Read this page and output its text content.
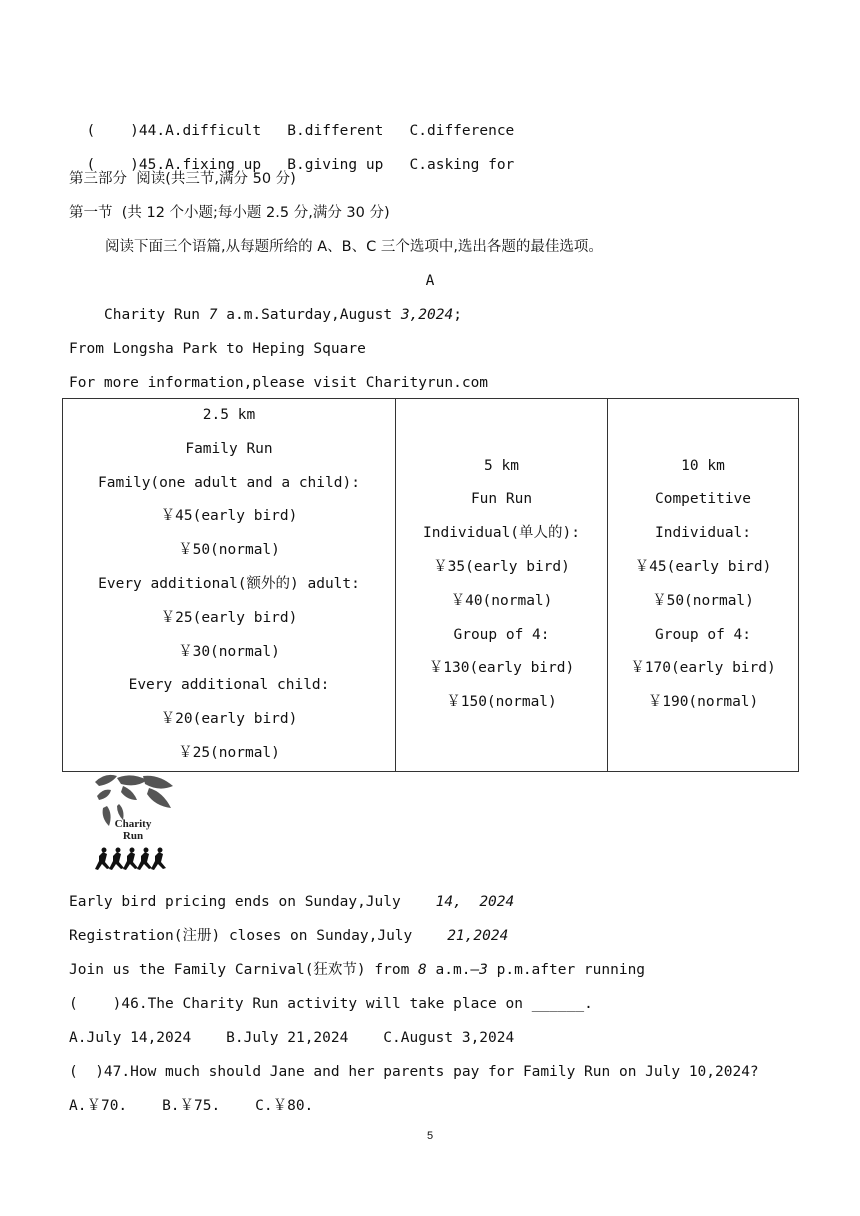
(    )44.A.difficult B.different C.difference

(    )45.A.fixing up B.giving up C.asking for

第三部分  阅读(共三节,满分 50 分)
第一节  (共 12 个小题;每小题 2.5 分,满分 30 分)
阅读下面三个语篇,从每题所给的 A、B、C 三个选项中,选出各题的最佳选项。
A
Charity Run 7 a.m.Saturday,August 3,2024;
From Longsha Park to Heping Square
For more information,please visit Charityrun.com
2.5 km
Family Run
Family(one adult and a child):
￥45(early bird)
￥50(normal)
Every additional(额外的) adult:
￥25(early bird)
￥30(normal)
Every additional child:
￥20(early bird)
￥25(normal)

5 km
Fun Run
Individual(单人的):
￥35(early bird)
￥40(normal)
Group of 4:
￥130(early bird)
￥150(normal)

10 km
Competitive
Individual:
￥45(early bird)
￥50(normal)
Group of 4:
￥170(early bird)
￥190(normal)
Charity
Run
Early bird pricing ends on Sunday,July    14,  2024
Registration(注册) closes on Sunday,July    21,2024
Join us the Family Carnival(狂欢节) from 8 a.m.—3 p.m.after running
(    )46.The Charity Run activity will take place on ______.
A.July 14,2024    B.July 21,2024    C.August 3,2024
(  )47.How much should Jane and her parents pay for Family Run on July 10,2024?
A.￥70.    B.￥75.    C.￥80.
5
